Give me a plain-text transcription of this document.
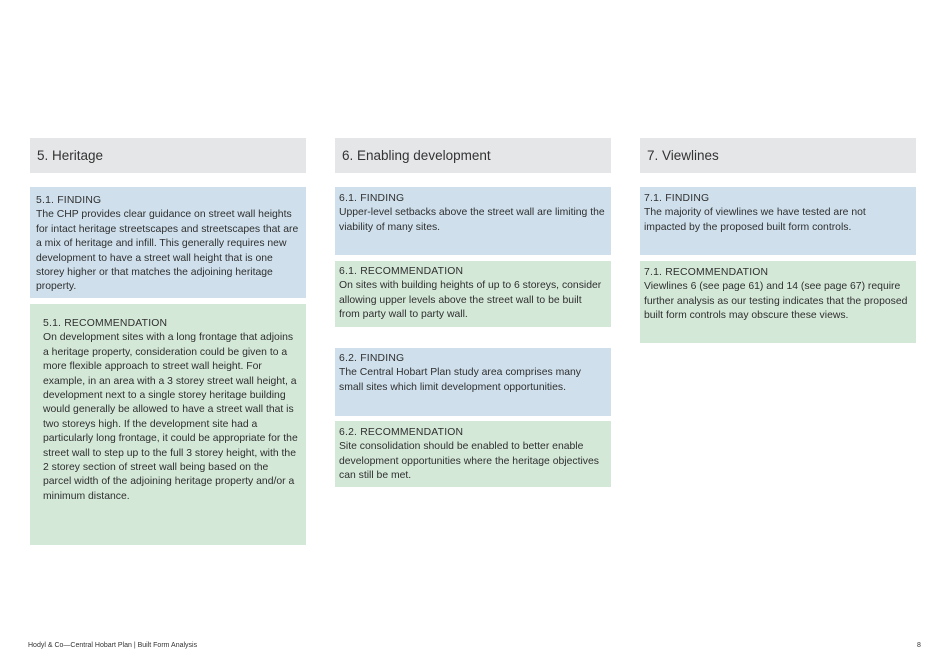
5. Heritage
5.1. FINDING
The CHP provides clear guidance on street wall heights for intact heritage streetscapes and streetscapes that are a mix of heritage and infill. This generally requires new development to have a street wall height that is one storey higher or that matches the adjoining heritage property.
5.1. RECOMMENDATION
On development sites with a long frontage that adjoins a heritage property, consideration could be given to a more flexible approach to street wall height. For example, in an area with a 3 storey street wall height, a development next to a single storey heritage building would generally be allowed to have a street wall that is two storeys high. If the development site had a particularly long frontage, it could be appropriate for the street wall to step up to the full 3 storey height, with the 2 storey section of street wall being based on the parcel width of the adjoining heritage property and/or a minimum distance.
6. Enabling development
6.1. FINDING
Upper-level setbacks above the street wall are limiting the viability of many sites.
6.1. RECOMMENDATION
On sites with building heights of up to 6 storeys, consider allowing upper levels above the street wall to be built from party wall to party wall.
6.2. FINDING
The Central Hobart Plan study area comprises many small sites which limit development opportunities.
6.2. RECOMMENDATION
Site consolidation should be enabled to better enable development opportunities where the heritage objectives can still be met.
7. Viewlines
7.1. FINDING
The majority of viewlines we have tested are not impacted by the proposed built form controls.
7.1. RECOMMENDATION
Viewlines 6 (see page 61) and 14 (see page 67) require further analysis as our testing indicates that the proposed built form controls may obscure these views.
Hodyl & Co—Central Hobart Plan | Built Form Analysis	8
